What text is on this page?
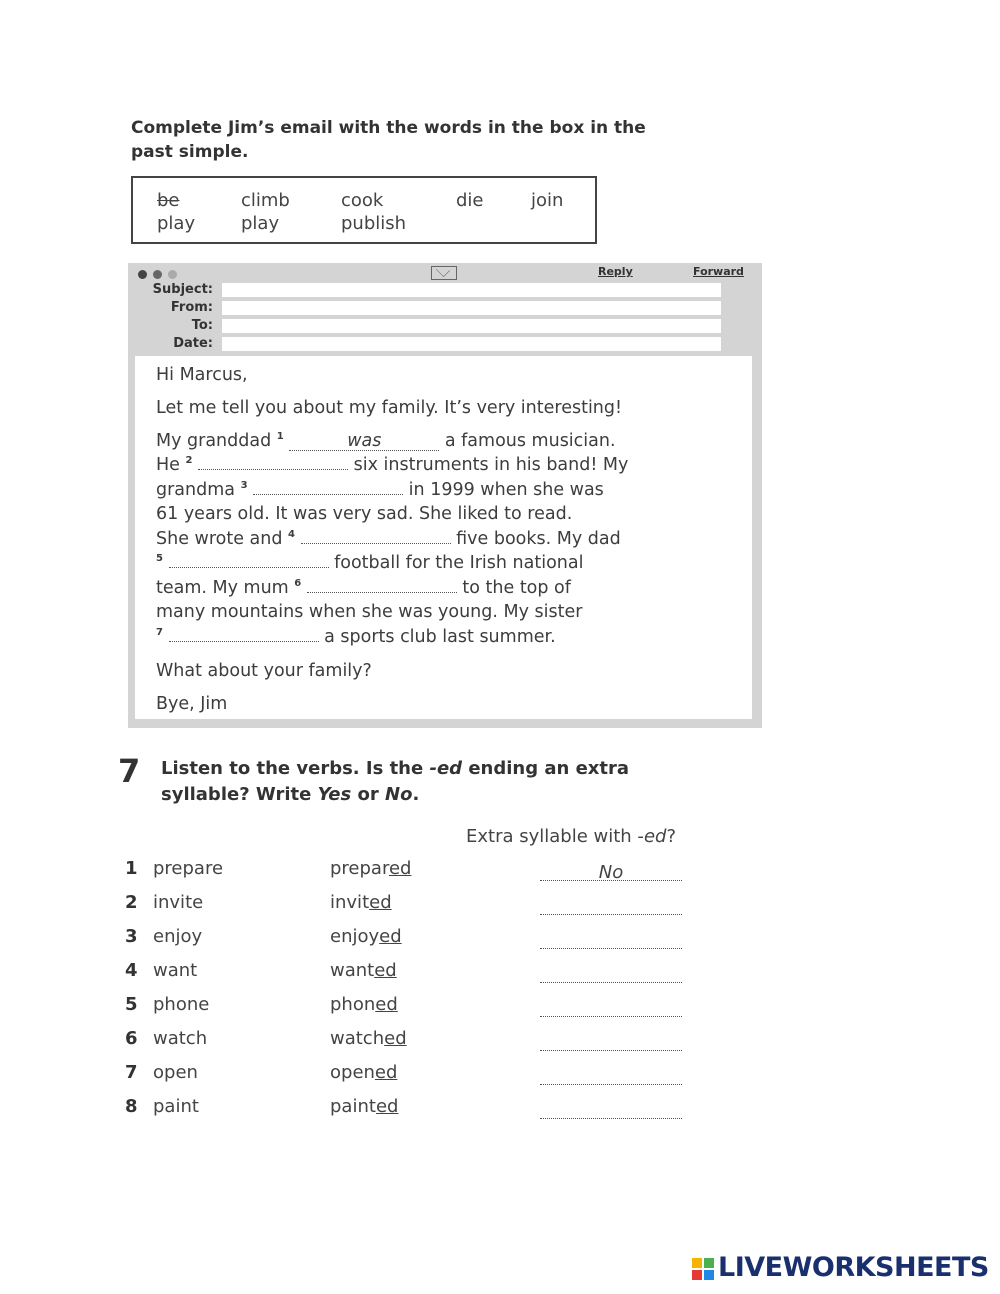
Complete Jim’s email with the words in the box in the
past simple.
be	climb	cook	die	join
play	play	publish
Reply	Forward
Subject:
From:
To:
Date:
Hi Marcus,
Let me tell you about my family. It’s very interesting!
My granddad $^1$	was	a famous musician.
He $^2$	six instruments in his band! My
grandma $^3$	in 1999 when she was
61 years old. It was very sad. She liked to read.
She wrote and $^4$	five books. My dad
$^5$	football for the Irish national
team. My mum $^6$	to the top of
many mountains when she was young. My sister
$^7$	a sports club last summer.
What about your family?
Bye, Jim
7 Listen to the verbs. Is the -ed ending an extra
syllable? Write Yes or No.
Extra syllable with -ed?
1 prepare	prepared	No
2 invite	invited
3 enjoy	enjoyed
4 want	wanted
5 phone	phoned
6 watch	watched
7 open	opened
8 paint	painted
LIVEWORKSHEETS
